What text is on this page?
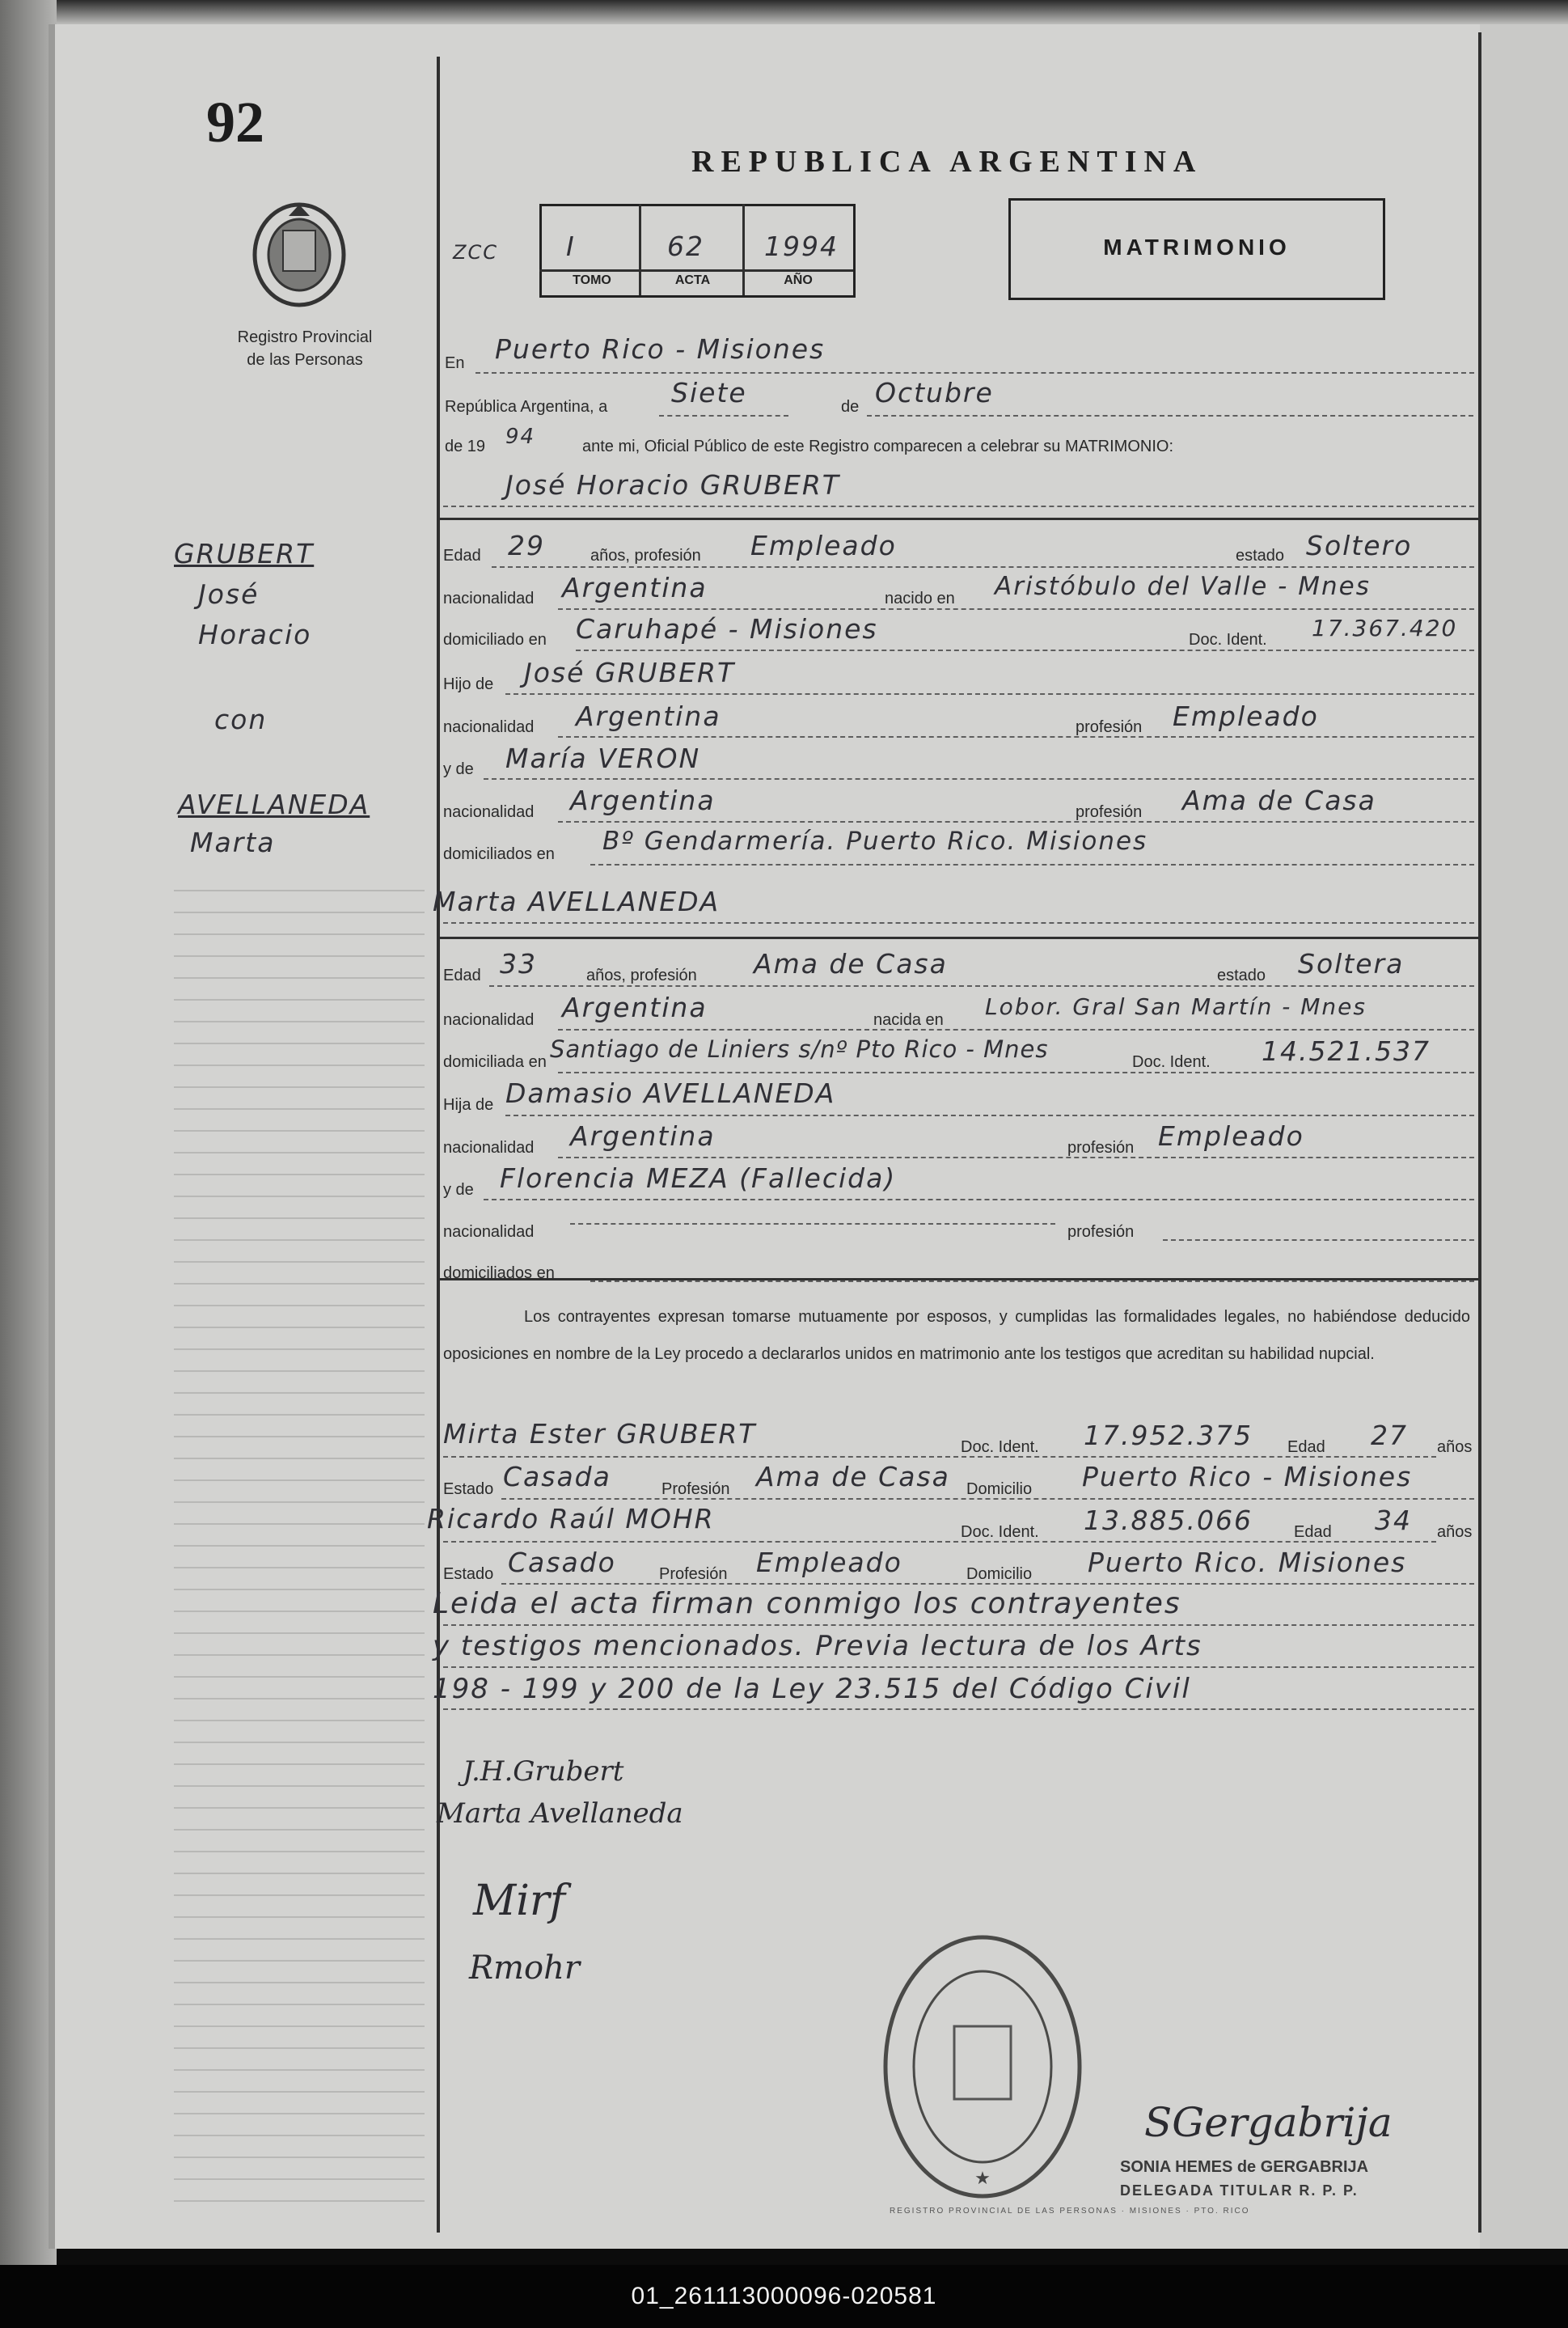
92
Registro Provincial
de las Personas
GRUBERT
José
Horacio
con
AVELLANEDA
Marta
REPUBLICA ARGENTINA
MATRIMONIO
ZCC	I	62 1994
TOMO	ACTA	AÑO
En Puerto Rico - Misiones
República Argentina, a Siete	de Octubre
de 19 94	ante mi, Oficial Público de este Registro comparecen a celebrar su MATRIMONIO:
José Horacio GRUBERT
Edad 29	años, profesión Empleado	estado Soltero
nacionalidad Argentina	nacido en Aristóbulo del Valle - Mnes
domiciliado en Caruhapé - Misiones	Doc. Ident. 17.367.420
Hijo de José GRUBERT
nacionalidad Argentina	profesión Empleado
y de María VERON
nacionalidad Argentina	profesión Ama de Casa
domiciliados en Bº Gendarmería. Puerto Rico. Misiones
Marta AVELLANEDA
Edad 33	años, profesión Ama de Casa	estado Soltera
nacionalidad Argentina	nacida en Lobor. Gral San Martín - Mnes
domiciliada en Santiago de Liniers s/nº Pto Rico - Mnes	Doc. Ident. 14.521.537
Hija de Damasio AVELLANEDA
nacionalidad Argentina	profesión Empleado
y de Florencia MEZA (Fallecida)
nacionalidad	profesión
domiciliados en
Los contrayentes expresan tomarse mutuamente por esposos, y cumplidas las formalidades legales, no habiéndose deducido oposiciones en nombre de la Ley procedo a declararlos unidos en matrimonio ante los testigos que acreditan su habilidad nupcial.
Mirta Ester GRUBERT	Doc. Ident. 17.952.375 Edad 27 años
Estado Casada	Profesión Ama de Casa Domicilio Puerto Rico - Misiones
Ricardo Raúl MOHR	Doc. Ident. 13.885.066	Edad 34 años
Estado Casado	Profesión Empleado	Domicilio Puerto Rico. Misiones
Leida el acta firman conmigo los contrayentes
y testigos mencionados. Previa lectura de los Arts
198 - 199 y 200 de la Ley 23.515 del Código Civil
J.H.Grubert
Marta Avellaneda
Mirf
Rmohr
★
REGISTRO PROVINCIAL DE LAS PERSONAS · MISIONES · PTO. RICO
SGergabrija
SONIA HEMES de GERGABRIJA
DELEGADA TITULAR R. P. P.
01_261113000096-020581
